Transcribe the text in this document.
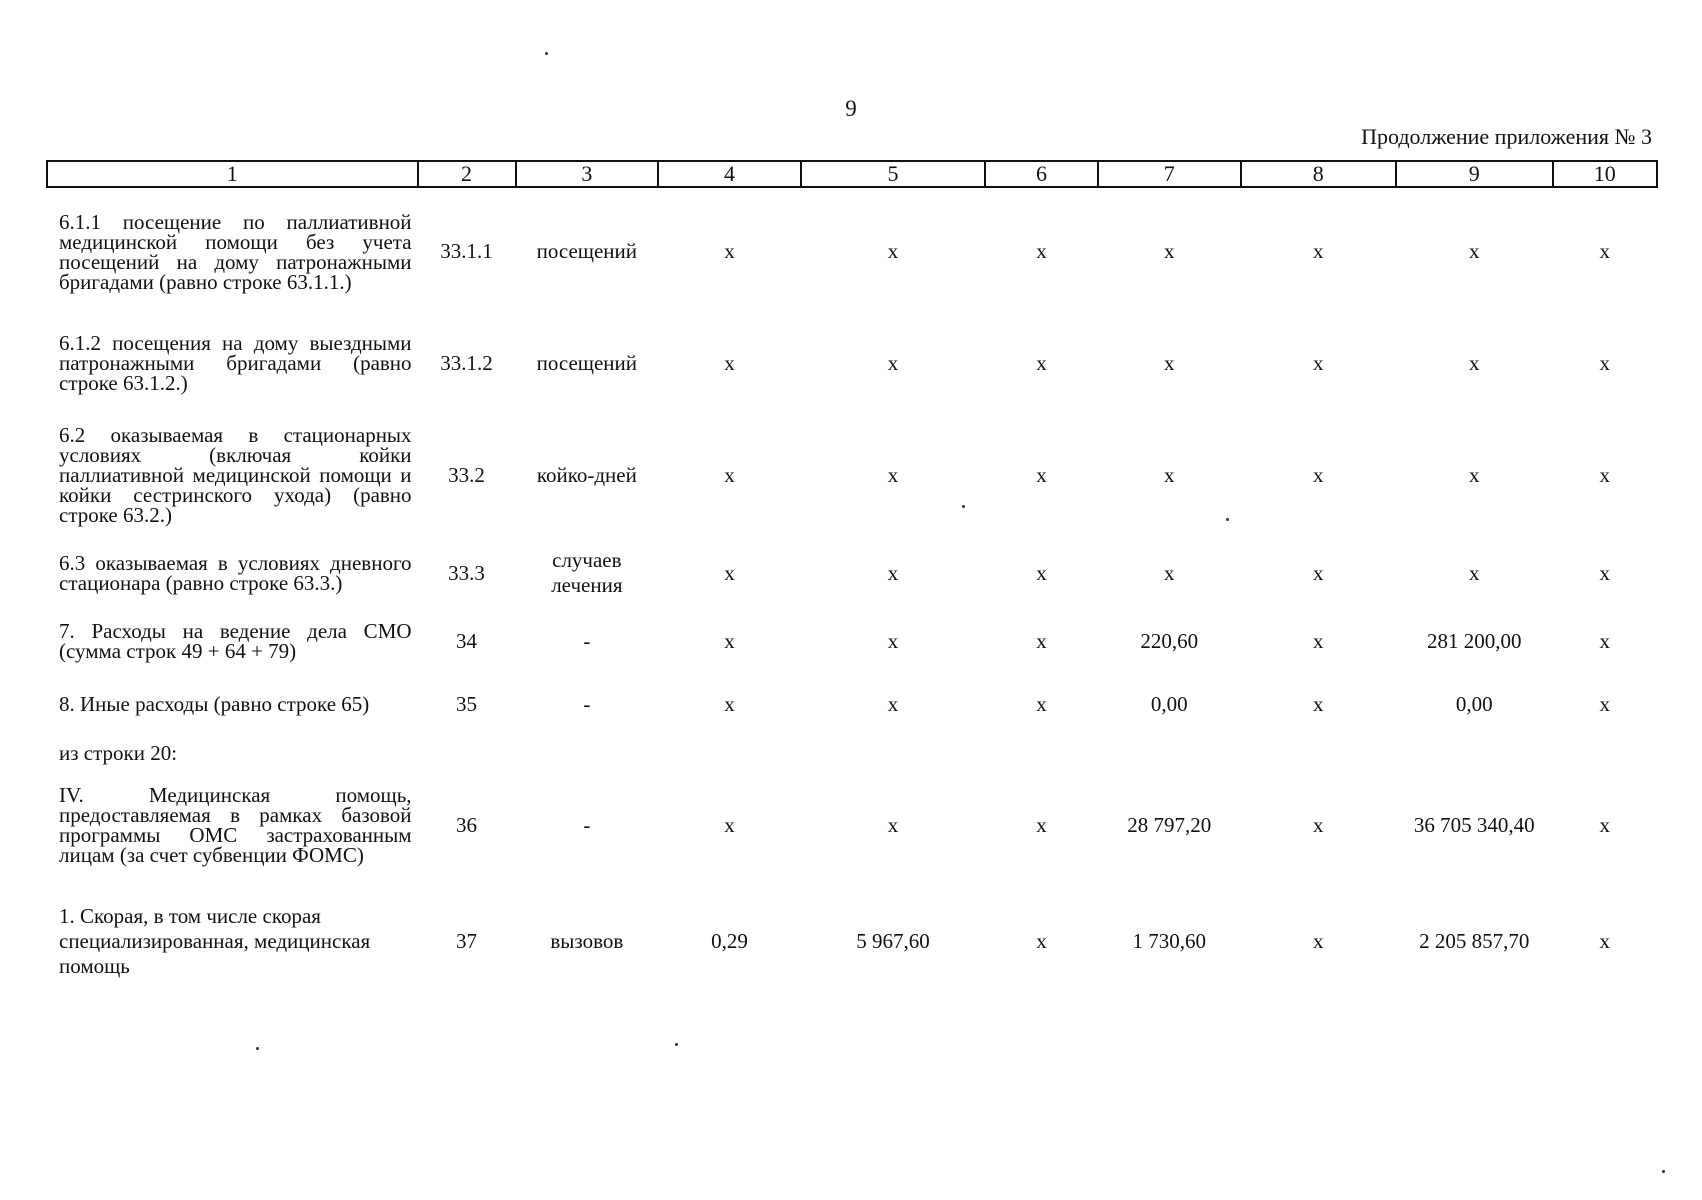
9
Продолжение приложения № 3
1	2	3	4	5	6	7	8	9	10
6.1.1 посещение по паллиативной медицинской помощи без учета посещений на дому патронажными бригадами (равно строке 63.1.1.)	33.1.1	посещений	х	х	х	х	х	х	х
6.1.2 посещения на дому выездными патронажными бригадами (равно строке 63.1.2.)	33.1.2	посещений	х	х	х	х	х	х	х
6.2 оказываемая в стационарных условиях (включая койки паллиативной медицинской помощи и койки сестринского ухода) (равно строке 63.2.)	33.2	койко-дней	х	х	х	х	х	х	х
6.3 оказываемая в условиях дневного стационара (равно строке 63.3.)	33.3	случаев лечения	х	х	х	х	х	х	х
7. Расходы на ведение дела СМО (сумма строк 49 + 64 + 79)	34	-	х	х	х	220,60	х	281 200,00	х
8. Иные расходы (равно строке 65)	35	-	х	х	х	0,00	х	0,00	х
из строки 20:									
IV. Медицинская помощь, предоставляемая в рамках базовой программы ОМС застрахованным лицам (за счет субвенции ФОМС)	36	-	х	х	х	28 797,20	х	36 705 340,40	х
1. Скорая, в том числе скорая специализированная, медицинская помощь	37	вызовов	0,29	5 967,60	х	1 730,60	х	2 205 857,70	х
